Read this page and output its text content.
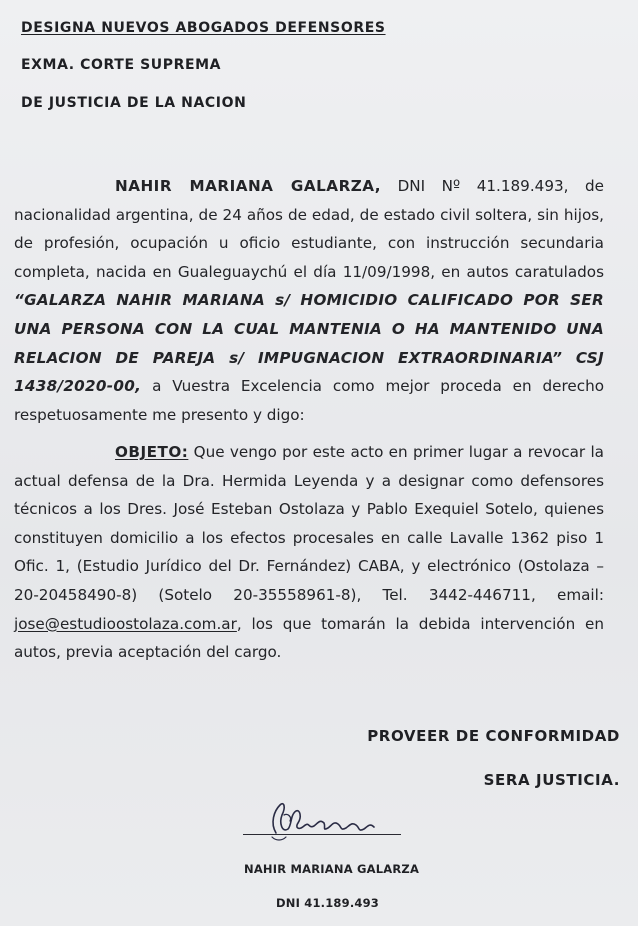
DESIGNA NUEVOS ABOGADOS DEFENSORES
EXMA. CORTE SUPREMA
DE JUSTICIA DE LA NACION

NAHIR MARIANA GALARZA, DNI Nº 41.189.493, de nacionalidad argentina, de 24 años de edad, de estado civil soltera, sin hijos, de profesión, ocupación u oficio estudiante, con instrucción secundaria completa, nacida en Gualeguaychú el día 11/09/1998, en autos caratulados “GALARZA NAHIR MARIANA s/ HOMICIDIO CALIFICADO POR SER UNA PERSONA CON LA CUAL MANTENIA O HA MANTENIDO UNA RELACION DE PAREJA s/ IMPUGNACION EXTRAORDINARIA” CSJ 1438/2020-00, a Vuestra Excelencia como mejor proceda en derecho respetuosamente me presento y digo:

OBJETO: Que vengo por este acto en primer lugar a revocar la actual defensa de la Dra. Hermida Leyenda y a designar como defensores técnicos a los Dres. José Esteban Ostolaza y Pablo Exequiel Sotelo, quienes constituyen domicilio a los efectos procesales en calle Lavalle 1362 piso 1 Ofic. 1, (Estudio Jurídico del Dr. Fernández) CABA, y electrónico (Ostolaza – 20-20458490-8) (Sotelo 20-35558961-8), Tel. 3442-446711, email: jose@estudioostolaza.com.ar, los que tomarán la debida intervención en autos, previa aceptación del cargo.

PROVEER DE CONFORMIDAD
SERA JUSTICIA.
NAHIR MARIANA GALARZA
DNI 41.189.493
